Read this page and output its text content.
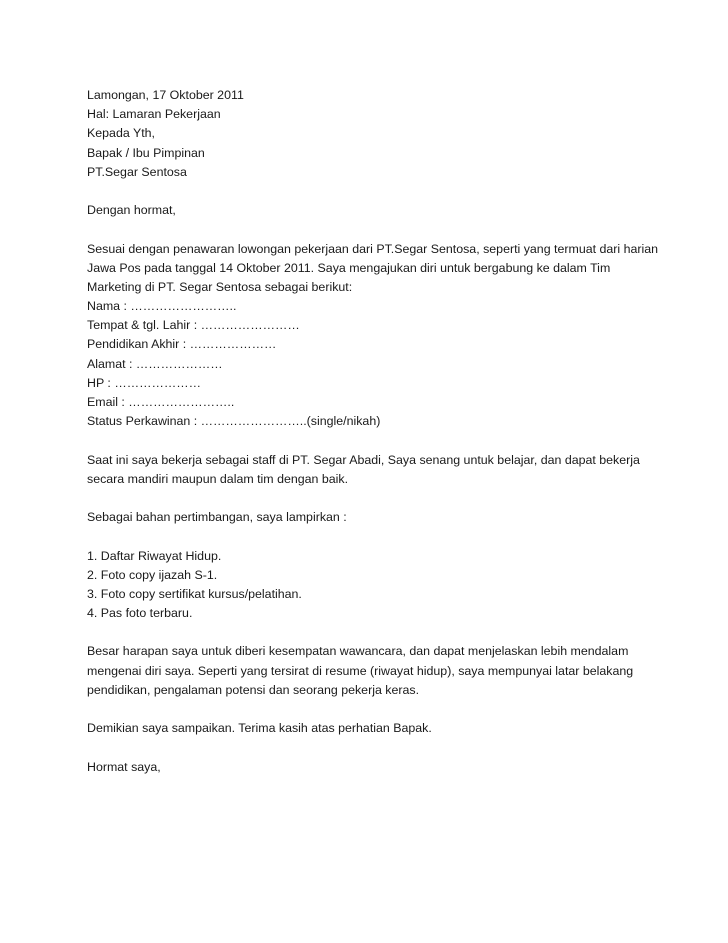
Lamongan, 17 Oktober 2011
Hal: Lamaran Pekerjaan
Kepada Yth,
Bapak / Ibu Pimpinan
PT.Segar Sentosa
Dengan hormat,
Sesuai dengan penawaran lowongan pekerjaan dari PT.Segar Sentosa, seperti yang termuat dari harian
Jawa Pos pada tanggal 14 Oktober 2011. Saya mengajukan diri untuk bergabung ke dalam Tim
Marketing di PT. Segar Sentosa sebagai berikut:
Nama : ……………………..
Tempat & tgl. Lahir : ……………………
Pendidikan Akhir : …………………
Alamat : …………………
HP : …………………
Email : ……………………..
Status Perkawinan : ……………………..(single/nikah)
Saat ini saya bekerja sebagai staff di PT. Segar Abadi, Saya senang untuk belajar, dan dapat bekerja
secara mandiri maupun dalam tim dengan baik.
Sebagai bahan pertimbangan, saya lampirkan :
1. Daftar Riwayat Hidup.
2. Foto copy ijazah S-1.
3. Foto copy sertifikat kursus/pelatihan.
4. Pas foto terbaru.
Besar harapan saya untuk diberi kesempatan wawancara, dan dapat menjelaskan lebih mendalam
mengenai diri saya. Seperti yang tersirat di resume (riwayat hidup), saya mempunyai latar belakang
pendidikan, pengalaman potensi dan seorang pekerja keras.
Demikian saya sampaikan. Terima kasih atas perhatian Bapak.
Hormat saya,
